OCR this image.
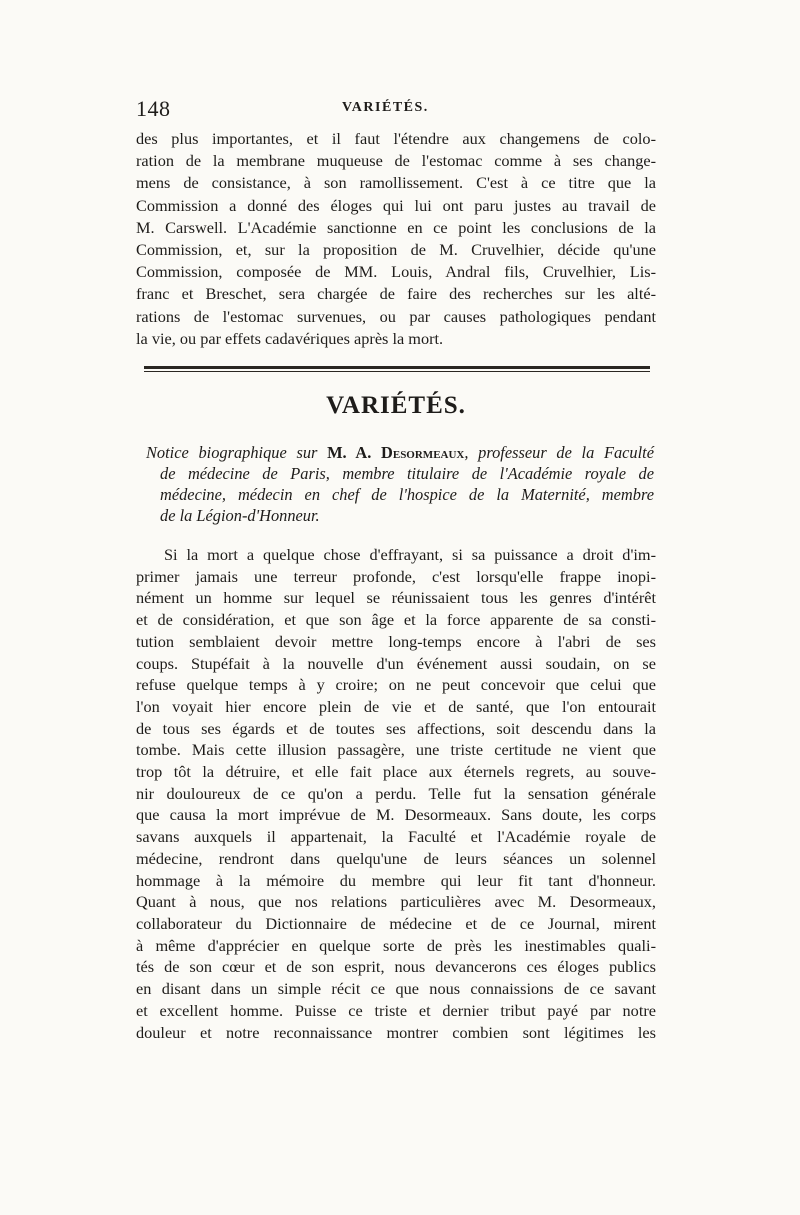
148	VARIÉTÉS.
des plus importantes, et il faut l'étendre aux changemens de colo-
ration de la membrane muqueuse de l'estomac comme à ses change-
mens de consistance, à son ramollissement. C'est à ce titre que la
Commission a donné des éloges qui lui ont paru justes au travail de
M. Carswell. L'Académie sanctionne en ce point les conclusions de la
Commission, et, sur la proposition de M. Cruvelhier, décide qu'une
Commission, composée de MM. Louis, Andral fils, Cruvelhier, Lis-
franc et Breschet, sera chargée de faire des recherches sur les alté-
rations de l'estomac survenues, ou par causes pathologiques pendant
la vie, ou par effets cadavériques après la mort.
VARIÉTÉS.
Notice biographique sur M. A. Desormeaux, professeur de la Faculté
de médecine de Paris, membre titulaire de l'Académie royale de
médecine, médecin en chef de l'hospice de la Maternité, membre
de la Légion-d'Honneur.
Si la mort a quelque chose d'effrayant, si sa puissance a droit d'im-
primer jamais une terreur profonde, c'est lorsqu'elle frappe inopi-
nément un homme sur lequel se réunissaient tous les genres d'intérêt
et de considération, et que son âge et la force apparente de sa consti-
tution semblaient devoir mettre long-temps encore à l'abri de ses
coups. Stupéfait à la nouvelle d'un événement aussi soudain, on se
refuse quelque temps à y croire; on ne peut concevoir que celui que
l'on voyait hier encore plein de vie et de santé, que l'on entourait
de tous ses égards et de toutes ses affections, soit descendu dans la
tombe. Mais cette illusion passagère, une triste certitude ne vient que
trop tôt la détruire, et elle fait place aux éternels regrets, au souve-
nir douloureux de ce qu'on a perdu. Telle fut la sensation générale
que causa la mort imprévue de M. Desormeaux. Sans doute, les corps
savans auxquels il appartenait, la Faculté et l'Académie royale de
médecine, rendront dans quelqu'une de leurs séances un solennel
hommage à la mémoire du membre qui leur fit tant d'honneur.
Quant à nous, que nos relations particulières avec M. Desormeaux,
collaborateur du Dictionnaire de médecine et de ce Journal, mirent
à même d'apprécier en quelque sorte de près les inestimables quali-
tés de son cœur et de son esprit, nous devancerons ces éloges publics
en disant dans un simple récit ce que nous connaissions de ce savant
et excellent homme. Puisse ce triste et dernier tribut payé par notre
douleur et notre reconnaissance montrer combien sont légitimes les
